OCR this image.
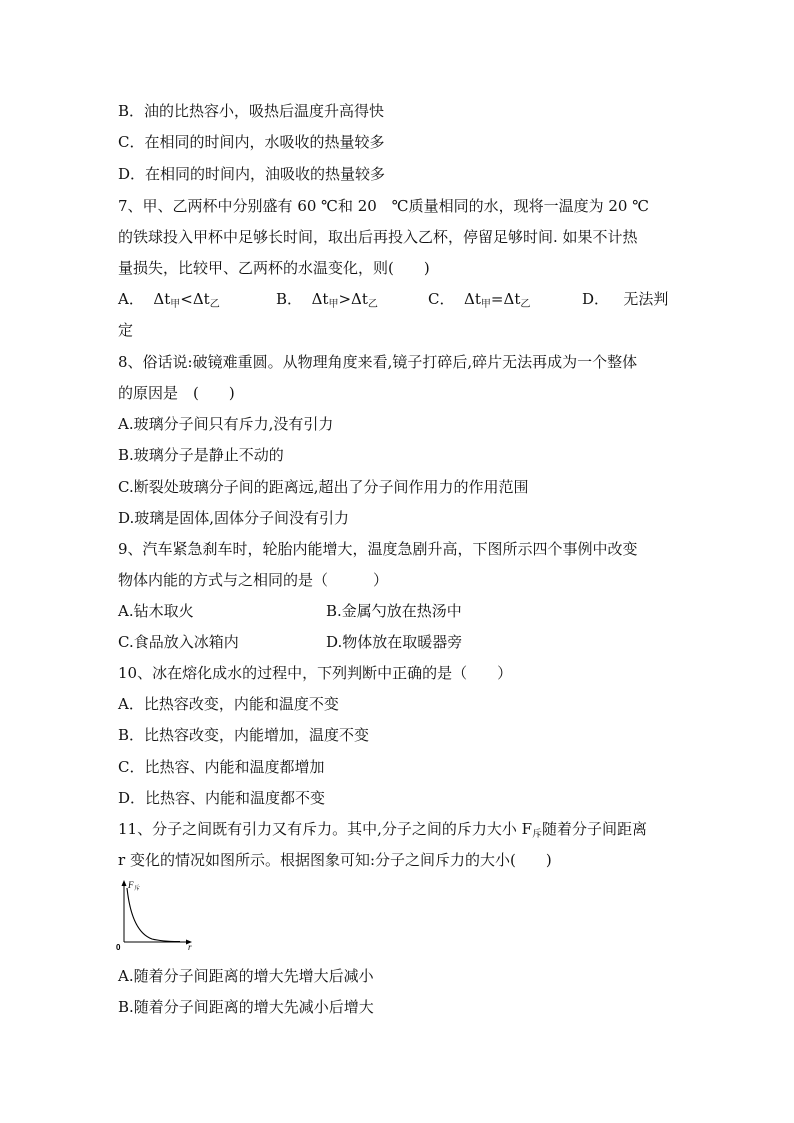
B．油的比热容小，吸热后温度升高得快
C．在相同的时间内，水吸收的热量较多
D．在相同的时间内，油吸收的热量较多
7、甲、乙两杯中分别盛有 60 ℃和 20　℃质量相同的水，现将一温度为 20 ℃
的铁球投入甲杯中足够长时间，取出后再投入乙杯，停留足够时间. 如果不计热
量损失，比较甲、乙两杯的水温变化，则(　　)
A． $\Delta t_甲<\Delta t_乙$	B． $\Delta t_甲>\Delta t_乙$	C． $\Delta t_甲=\Delta t_乙$	D． 无法判
定
8、俗话说:破镜难重圆。从物理角度来看,镜子打碎后,碎片无法再成为一个整体
的原因是　(　　)
A.玻璃分子间只有斥力,没有引力
B.玻璃分子是静止不动的
C.断裂处玻璃分子间的距离远,超出了分子间作用力的作用范围
D.玻璃是固体,固体分子间没有引力
9、汽车紧急刹车时，轮胎内能增大，温度急剧升高，下图所示四个事例中改变
物体内能的方式与之相同的是（　　　）
A.钻木取火	B.金属勺放在热汤中
C.食品放入冰箱内	D.物体放在取暖器旁
10、冰在熔化成水的过程中，下列判断中正确的是（　　）
A．比热容改变，内能和温度不变
B．比热容改变，内能增加，温度不变
C．比热容、内能和温度都增加
D．比热容、内能和温度都不变
11、分子之间既有引力又有斥力。其中,分子之间的斥力大小 $F_斥$随着分子间距离
r 变化的情况如图所示。根据图象可知:分子之间斥力的大小(　　)
F 斥
0	r
A.随着分子间距离的增大先增大后减小
B.随着分子间距离的增大先减小后增大
